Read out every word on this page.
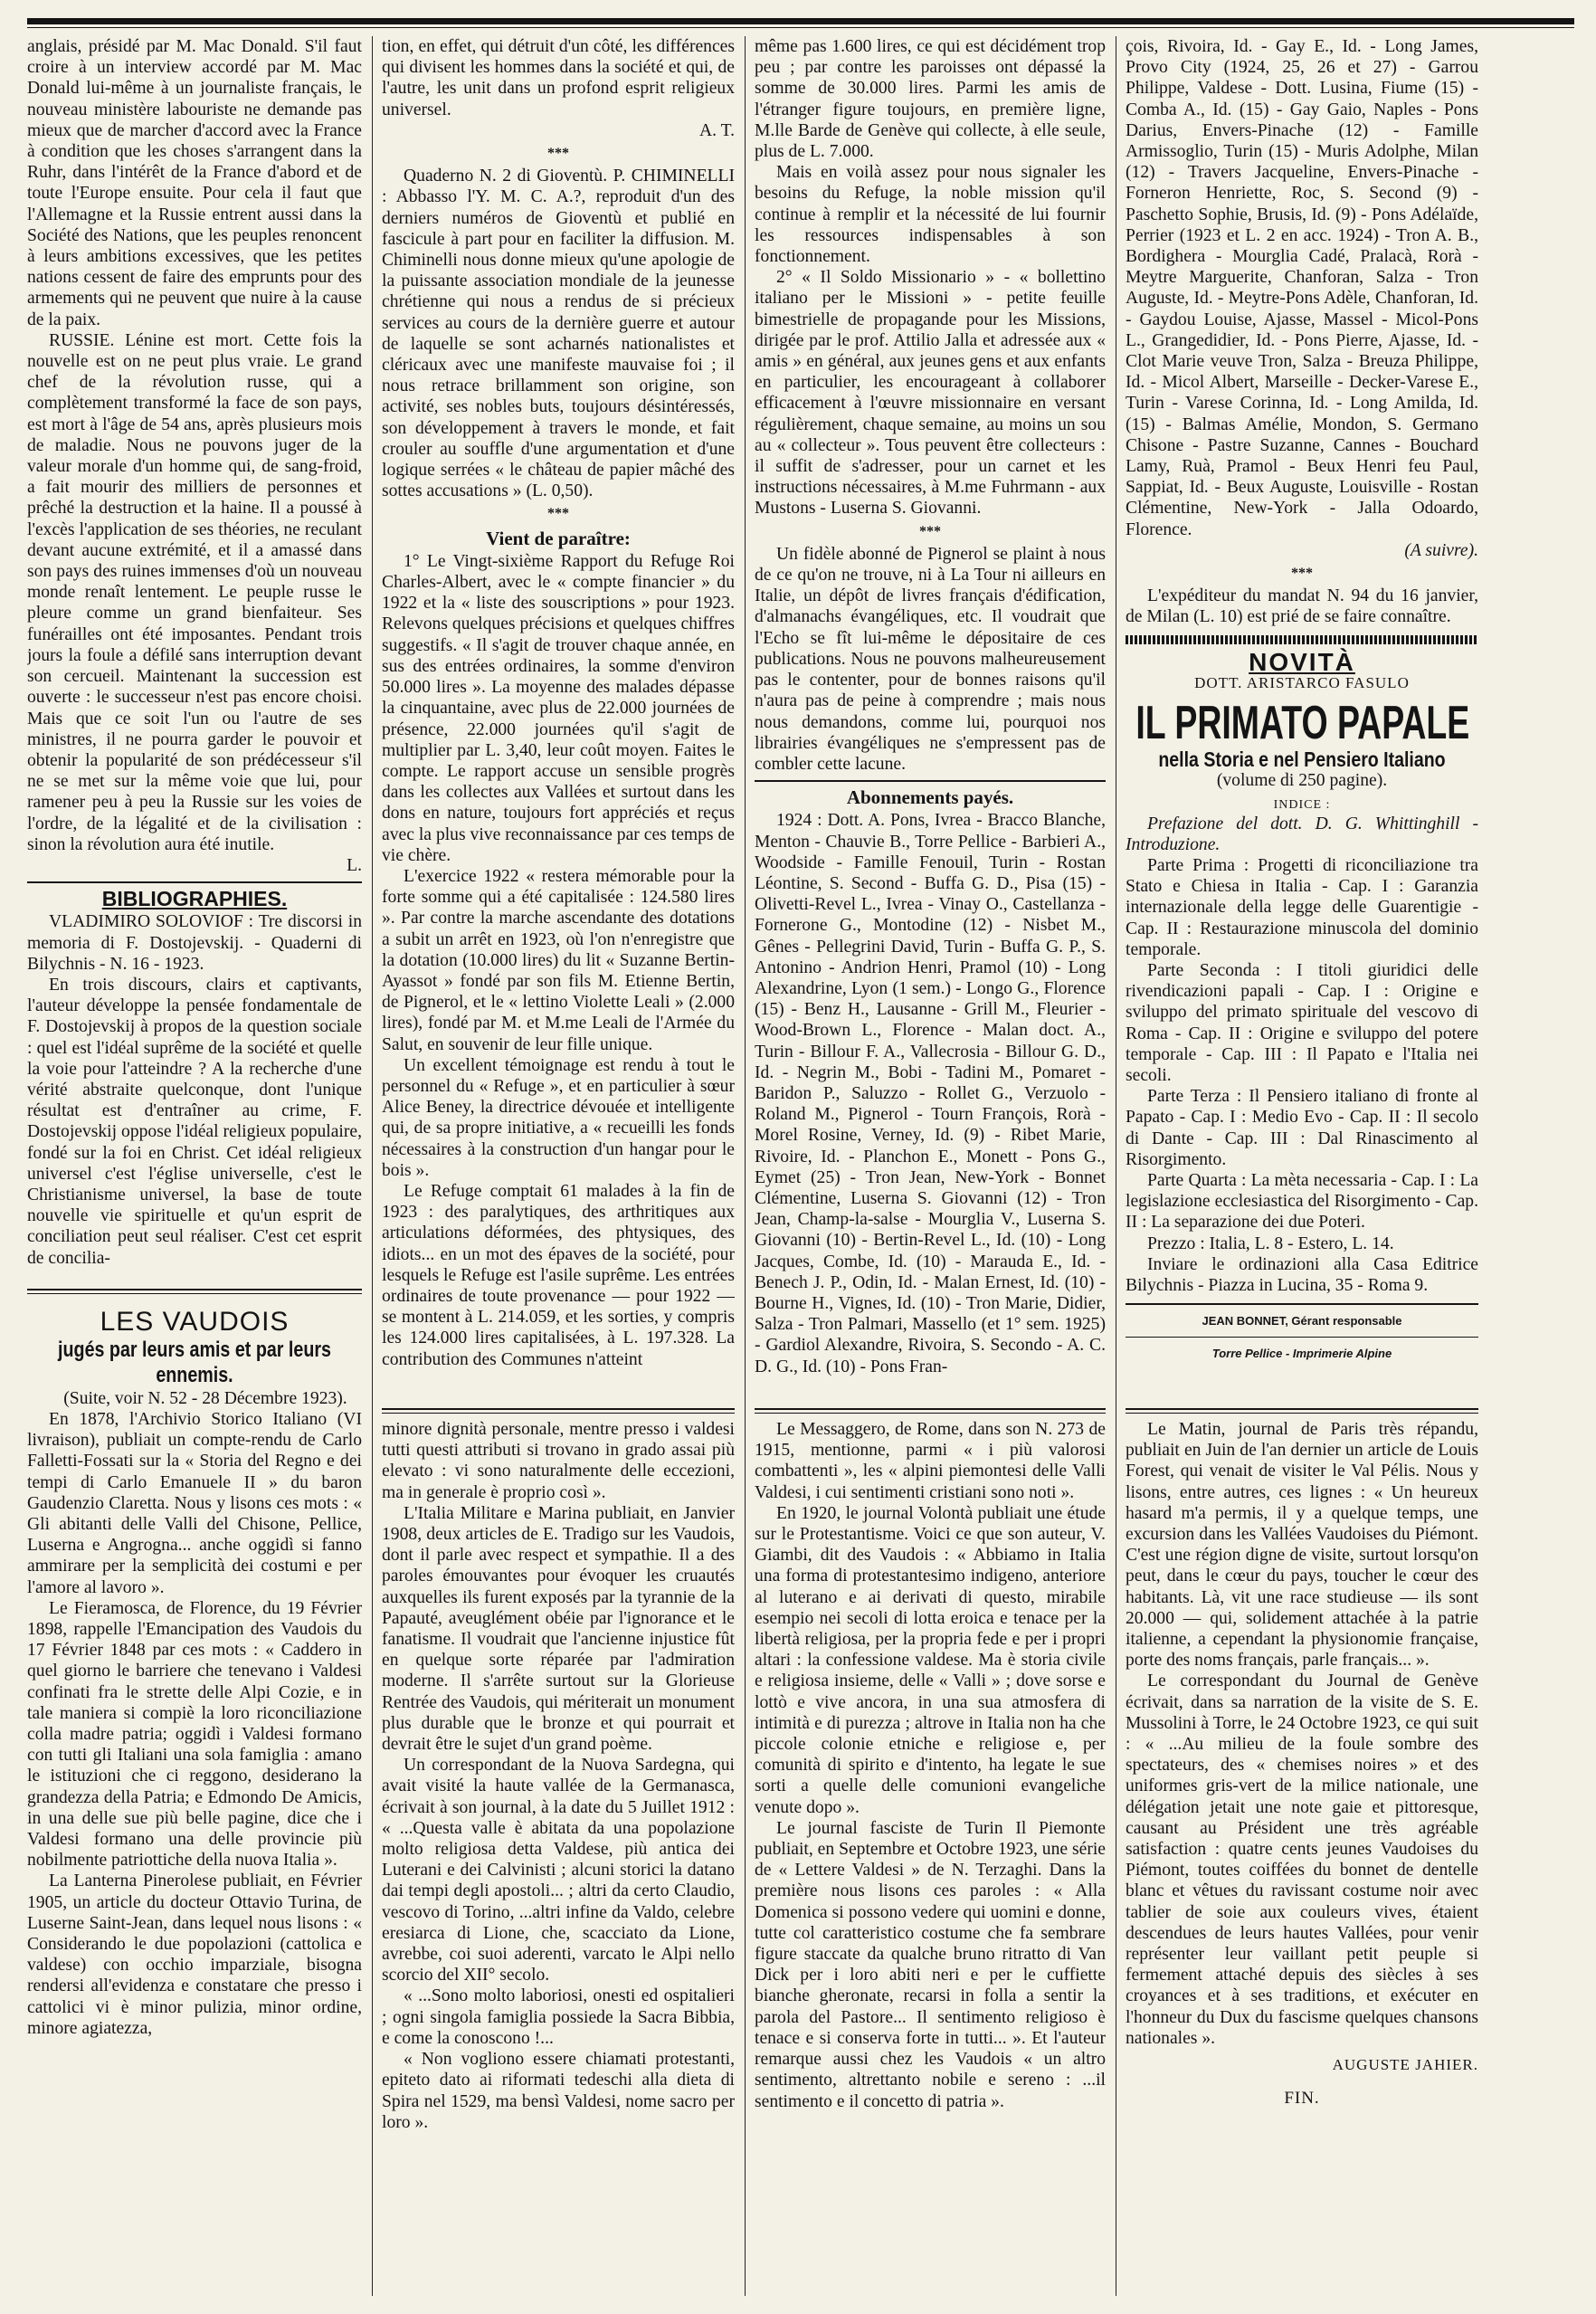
anglais, présidé par M. Mac Donald. S'il faut croire à un interview accordé par M. Mac Donald lui-même à un journaliste français, le nouveau ministère labouriste ne demande pas mieux que de marcher d'accord avec la France à condition que les choses s'arrangent dans la Ruhr, dans l'intérêt de la France d'abord et de toute l'Europe ensuite. Pour cela il faut que l'Allemagne et la Russie entrent aussi dans la Société des Nations, que les peuples renoncent à leurs ambitions excessives, que les petites nations cessent de faire des emprunts pour des armements qui ne peuvent que nuire à la cause de la paix.

RUSSIE. Lénine est mort. Cette fois la nouvelle est on ne peut plus vraie. Le grand chef de la révolution russe, qui a complètement transformé la face de son pays, est mort à l'âge de 54 ans, après plusieurs mois de maladie. Nous ne pouvons juger de la valeur morale d'un homme qui, de sang-froid, a fait mourir des milliers de personnes et prêché la destruction et la haine. Il a poussé à l'excès l'application de ses théories, ne reculant devant aucune extrémité, et il a amassé dans son pays des ruines immenses d'où un nouveau monde renaît lentement. Le peuple russe le pleure comme un grand bienfaiteur. Ses funérailles ont été imposantes. Pendant trois jours la foule a défilé sans interruption devant son cercueil. Maintenant la succession est ouverte : le successeur n'est pas encore choisi. Mais que ce soit l'un ou l'autre de ses ministres, il ne pourra garder le pouvoir et obtenir la popularité de son prédécesseur s'il ne se met sur la même voie que lui, pour ramener peu à peu la Russie sur les voies de l'ordre, de la légalité et de la civilisation : sinon la révolution aura été inutile.

L.
BIBLIOGRAPHIES.

VLADIMIRO SOLOVIOF : Tre discorsi in memoria di F. Dostojevskij. - Quaderni di Bilychnis - N. 16 - 1923.

En trois discours, clairs et captivants, l'auteur développe la pensée fondamentale de F. Dostojevskij à propos de la question sociale : quel est l'idéal suprême de la société et quelle la voie pour l'atteindre ? A la recherche d'une vérité abstraite quelconque, dont l'unique résultat est d'entraîner au crime, F. Dostojevskij oppose l'idéal religieux populaire, fondé sur la foi en Christ. Cet idéal religieux universel c'est l'église universelle, c'est le Christianisme universel, la base de toute nouvelle vie spirituelle et qu'un esprit de conciliation peut seul réaliser. C'est cet esprit de concilia-

LES VAUDOIS
jugés par leurs amis et par leurs ennemis.

(Suite, voir N. 52 - 28 Décembre 1923).

En 1878, l'Archivio Storico Italiano (VI livraison), publiait un compte-rendu de Carlo Falletti-Fossati sur la « Storia del Regno e dei tempi di Carlo Emanuele II » du baron Gaudenzio Claretta. Nous y lisons ces mots : « Gli abitanti delle Valli del Chisone, Pellice, Luserna e Angrogna... anche oggidì si fanno ammirare per la semplicità dei costumi e per l'amore al lavoro ».

Le Fieramosca, de Florence, du 19 Février 1898, rappelle l'Emancipation des Vaudois du 17 Février 1848 par ces mots : « Caddero in quel giorno le barriere che tenevano i Valdesi confinati fra le strette delle Alpi Cozie, e in tale maniera si compiè la loro riconciliazione colla madre patria; oggidì i Valdesi formano con tutti gli Italiani una sola famiglia : amano le istituzioni che ci reggono, desiderano la grandezza della Patria; e Edmondo De Amicis, in una delle sue più belle pagine, dice che i Valdesi formano una delle provincie più nobilmente patriottiche della nuova Italia ».

La Lanterna Pinerolese publiait, en Février 1905, un article du docteur Ottavio Turina, de Luserne Saint-Jean, dans lequel nous lisons : « Considerando le due popolazioni (cattolica e valdese) con occhio imparziale, bisogna rendersi all'evidenza e constatare che presso i cattolici vi è minor pulizia, minor ordine, minore agiatezza,

tion, en effet, qui détruit d'un côté, les différences qui divisent les hommes dans la société et qui, de l'autre, les unit dans un profond esprit religieux universel.

A. T.
***

Quaderno N. 2 di Gioventù. P. CHIMINELLI : Abbasso l'Y. M. C. A.?, reproduit d'un des derniers numéros de Gioventù et publié en fascicule à part pour en faciliter la diffusion. M. Chiminelli nous donne mieux qu'une apologie de la puissante association mondiale de la jeunesse chrétienne qui nous a rendus de si précieux services au cours de la dernière guerre et autour de laquelle se sont acharnés nationalistes et cléricaux avec une manifeste mauvaise foi ; il nous retrace brillamment son origine, son activité, ses nobles buts, toujours désintéressés, son développement à travers le monde, et fait crouler au souffle d'une argumentation et d'une logique serrées « le château de papier mâché des sottes accusations » (L. 0,50).

***
Vient de paraître:

1° Le Vingt-sixième Rapport du Refuge Roi Charles-Albert, avec le « compte financier » du 1922 et la « liste des souscriptions » pour 1923. Relevons quelques précisions et quelques chiffres suggestifs. « Il s'agit de trouver chaque année, en sus des entrées ordinaires, la somme d'environ 50.000 lires ». La moyenne des malades dépasse la cinquantaine, avec plus de 22.000 journées de présence, 22.000 journées qu'il s'agit de multiplier par L. 3,40, leur coût moyen. Faites le compte. Le rapport accuse un sensible progrès dans les collectes aux Vallées et surtout dans les dons en nature, toujours fort appréciés et reçus avec la plus vive reconnaissance par ces temps de vie chère.

L'exercice 1922 « restera mémorable pour la forte somme qui a été capitalisée : 124.580 lires ». Par contre la marche ascendante des dotations a subit un arrêt en 1923, où l'on n'enregistre que la dotation (10.000 lires) du lit « Suzanne Bertin-Ayassot » fondé par son fils M. Etienne Bertin, de Pignerol, et le « lettino Violette Leali » (2.000 lires), fondé par M. et M.me Leali de l'Armée du Salut, en souvenir de leur fille unique.

Un excellent témoignage est rendu à tout le personnel du « Refuge », et en particulier à sœur Alice Beney, la directrice dévouée et intelligente qui, de sa propre initiative, a « recueilli les fonds nécessaires à la construction d'un hangar pour le bois ».

Le Refuge comptait 61 malades à la fin de 1923 : des paralytiques, des arthritiques aux articulations déformées, des phtysiques, des idiots... en un mot des épaves de la société, pour lesquels le Refuge est l'asile suprême. Les entrées ordinaires de toute provenance — pour 1922 — se montent à L. 214.059, et les sorties, y compris les 124.000 lires capitalisées, à L. 197.328. La contribution des Communes n'atteint

minore dignità personale, mentre presso i valdesi tutti questi attributi si trovano in grado assai più elevato : vi sono naturalmente delle eccezioni, ma in generale è proprio così ».

L'Italia Militare e Marina publiait, en Janvier 1908, deux articles de E. Tradigo sur les Vaudois, dont il parle avec respect et sympathie. Il a des paroles émouvantes pour évoquer les cruautés auxquelles ils furent exposés par la tyrannie de la Papauté, aveuglément obéie par l'ignorance et le fanatisme. Il voudrait que l'ancienne injustice fût en quelque sorte réparée par l'admiration moderne. Il s'arrête surtout sur la Glorieuse Rentrée des Vaudois, qui mériterait un monument plus durable que le bronze et qui pourrait et devrait être le sujet d'un grand poème.

Un correspondant de la Nuova Sardegna, qui avait visité la haute vallée de la Germanasca, écrivait à son journal, à la date du 5 Juillet 1912 : « ...Questa valle è abitata da una popolazione molto religiosa detta Valdese, più antica dei Luterani e dei Calvinisti ; alcuni storici la datano dai tempi degli apostoli... ; altri da certo Claudio, vescovo di Torino, ...altri infine da Valdo, celebre eresiarca di Lione, che, scacciato da Lione, avrebbe, coi suoi aderenti, varcato le Alpi nello scorcio del XII° secolo.

« ...Sono molto laboriosi, onesti ed ospitalieri ; ogni singola famiglia possiede la Sacra Bibbia, e come la conoscono !...

« Non vogliono essere chiamati protestanti, epiteto dato ai riformati tedeschi alla dieta di Spira nel 1529, ma bensì Valdesi, nome sacro per loro ».

même pas 1.600 lires, ce qui est décidément trop peu ; par contre les paroisses ont dépassé la somme de 30.000 lires. Parmi les amis de l'étranger figure toujours, en première ligne, M.lle Barde de Genève qui collecte, à elle seule, plus de L. 7.000.

Mais en voilà assez pour nous signaler les besoins du Refuge, la noble mission qu'il continue à remplir et la nécessité de lui fournir les ressources indispensables à son fonctionnement.

2° « Il Soldo Missionario » - « bollettino italiano per le Missioni » - petite feuille bimestrielle de propagande pour les Missions, dirigée par le prof. Attilio Jalla et adressée aux « amis » en général, aux jeunes gens et aux enfants en particulier, les encourageant à collaborer efficacement à l'œuvre missionnaire en versant régulièrement, chaque semaine, au moins un sou au « collecteur ». Tous peuvent être collecteurs : il suffit de s'adresser, pour un carnet et les instructions nécessaires, à M.me Fuhrmann - aux Mustons - Luserna S. Giovanni.

***

Un fidèle abonné de Pignerol se plaint à nous de ce qu'on ne trouve, ni à La Tour ni ailleurs en Italie, un dépôt de livres français d'édification, d'almanachs évangéliques, etc. Il voudrait que l'Echo se fît lui-même le dépositaire de ces publications. Nous ne pouvons malheureusement pas le contenter, pour de bonnes raisons qu'il n'aura pas de peine à comprendre ; mais nous nous demandons, comme lui, pourquoi nos librairies évangéliques ne s'empressent pas de combler cette lacune.

Abonnements payés.

1924 : Dott. A. Pons, Ivrea - Bracco Blanche, Menton - Chauvie B., Torre Pellice - Barbieri A., Woodside - Famille Fenouil, Turin - Rostan Léontine, S. Second - Buffa G. D., Pisa (15) - Olivetti-Revel L., Ivrea - Vinay O., Castellanza - Fornerone G., Montodine (12) - Nisbet M., Gênes - Pellegrini David, Turin - Buffa G. P., S. Antonino - Andrion Henri, Pramol (10) - Long Alexandrine, Lyon (1 sem.) - Longo G., Florence (15) - Benz H., Lausanne - Grill M., Fleurier - Wood-Brown L., Florence - Malan doct. A., Turin - Billour F. A., Vallecrosia - Billour G. D., Id. - Negrin M., Bobi - Tadini M., Pomaret - Baridon P., Saluzzo - Rollet G., Verzuolo - Roland M., Pignerol - Tourn François, Rorà - Morel Rosine, Verney, Id. (9) - Ribet Marie, Rivoire, Id. - Planchon E., Monett - Pons G., Eymet (25) - Tron Jean, New-York - Bonnet Clémentine, Luserna S. Giovanni (12) - Tron Jean, Champ-la-salse - Mourglia V., Luserna S. Giovanni (10) - Bertin-Revel L., Id. (10) - Long Jacques, Combe, Id. (10) - Marauda E., Id. - Benech J. P., Odin, Id. - Malan Ernest, Id. (10) - Bourne H., Vignes, Id. (10) - Tron Marie, Didier, Salza - Tron Palmari, Massello (et 1° sem. 1925) - Gardiol Alexandre, Rivoira, S. Secondo - A. C. D. G., Id. (10) - Pons Fran-

Le Messaggero, de Rome, dans son N. 273 de 1915, mentionne, parmi « i più valorosi combattenti », les « alpini piemontesi delle Valli Valdesi, i cui sentimenti cristiani sono noti ».

En 1920, le journal Volontà publiait une étude sur le Protestantisme. Voici ce que son auteur, V. Giambi, dit des Vaudois : « Abbiamo in Italia una forma di protestantesimo indigeno, anteriore al luterano e ai derivati di questo, mirabile esempio nei secoli di lotta eroica e tenace per la libertà religiosa, per la propria fede e per i propri altari : la confessione valdese. Ma è storia civile e religiosa insieme, delle « Valli » ; dove sorse e lottò e vive ancora, in una sua atmosfera di intimità e di purezza ; altrove in Italia non ha che piccole colonie etniche e religiose e, per comunità di spirito e d'intento, ha legate le sue sorti a quelle delle comunioni evangeliche venute dopo ».

Le journal fasciste de Turin Il Piemonte publiait, en Septembre et Octobre 1923, une série de « Lettere Valdesi » de N. Terzaghi. Dans la première nous lisons ces paroles : « Alla Domenica si possono vedere qui uomini e donne, tutte col caratteristico costume che fa sembrare figure staccate da qualche bruno ritratto di Van Dick per i loro abiti neri e per le cuffiette bianche gheronate, recarsi in folla a sentir la parola del Pastore... Il sentimento religioso è tenace e si conserva forte in tutti... ». Et l'auteur remarque aussi chez les Vaudois « un altro sentimento, altrettanto nobile e sereno : ...il sentimento e il concetto di patria ».

çois, Rivoira, Id. - Gay E., Id. - Long James, Provo City (1924, 25, 26 et 27) - Garrou Philippe, Valdese - Dott. Lusina, Fiume (15) - Comba A., Id. (15) - Gay Gaio, Naples - Pons Darius, Envers-Pinache (12) - Famille Armissoglio, Turin (15) - Muris Adolphe, Milan (12) - Travers Jacqueline, Envers-Pinache - Forneron Henriette, Roc, S. Second (9) - Paschetto Sophie, Brusis, Id. (9) - Pons Adélaïde, Perrier (1923 et L. 2 en acc. 1924) - Tron A. B., Bordighera - Mourglia Cadé, Pralacà, Rorà - Meytre Marguerite, Chanforan, Salza - Tron Auguste, Id. - Meytre-Pons Adèle, Chanforan, Id. - Gaydou Louise, Ajasse, Massel - Micol-Pons L., Grangedidier, Id. - Pons Pierre, Ajasse, Id. - Clot Marie veuve Tron, Salza - Breuza Philippe, Id. - Micol Albert, Marseille - Decker-Varese E., Turin - Varese Corinna, Id. - Long Amilda, Id. (15) - Balmas Amélie, Mondon, S. Germano Chisone - Pastre Suzanne, Cannes - Bouchard Lamy, Ruà, Pramol - Beux Henri feu Paul, Sappiat, Id. - Beux Auguste, Louisville - Rostan Clémentine, New-York - Jalla Odoardo, Florence.

(A suivre).
***

L'expéditeur du mandat N. 94 du 16 janvier, de Milan (L. 10) est prié de se faire connaître.

NOVITÀ
DOTT. ARISTARCO FASULO
IL PRIMATO PAPALE
nella Storia e nel Pensiero Italiano
(volume di 250 pagine).
INDICE :

Prefazione del dott. D. G. Whittinghill - Introduzione.

Parte Prima : Progetti di riconciliazione tra Stato e Chiesa in Italia - Cap. I : Garanzia internazionale della legge delle Guarentigie - Cap. II : Restaurazione minuscola del dominio temporale.

Parte Seconda : I titoli giuridici delle rivendicazioni papali - Cap. I : Origine e sviluppo del primato spirituale del vescovo di Roma - Cap. II : Origine e sviluppo del potere temporale - Cap. III : Il Papato e l'Italia nei secoli.

Parte Terza : Il Pensiero italiano di fronte al Papato - Cap. I : Medio Evo - Cap. II : Il secolo di Dante - Cap. III : Dal Rinascimento al Risorgimento.

Parte Quarta : La mèta necessaria - Cap. I : La legislazione ecclesiastica del Risorgimento - Cap. II : La separazione dei due Poteri.

Prezzo : Italia, L. 8 - Estero, L. 14.

Inviare le ordinazioni alla Casa Editrice Bilychnis - Piazza in Lucina, 35 - Roma 9.

JEAN BONNET, Gérant responsable
Torre Pellice - Imprimerie Alpine

Le Matin, journal de Paris très répandu, publiait en Juin de l'an dernier un article de Louis Forest, qui venait de visiter le Val Pélis. Nous y lisons, entre autres, ces lignes : « Un heureux hasard m'a permis, il y a quelque temps, une excursion dans les Vallées Vaudoises du Piémont. C'est une région digne de visite, surtout lorsqu'on peut, dans le cœur du pays, toucher le cœur des habitants. Là, vit une race studieuse — ils sont 20.000 — qui, solidement attachée à la patrie italienne, a cependant la physionomie française, porte des noms français, parle français... ».

Le correspondant du Journal de Genève écrivait, dans sa narration de la visite de S. E. Mussolini à Torre, le 24 Octobre 1923, ce qui suit : « ...Au milieu de la foule sombre des spectateurs, des « chemises noires » et des uniformes gris-vert de la milice nationale, une délégation jetait une note gaie et pittoresque, causant au Président une très agréable satisfaction : quatre cents jeunes Vaudoises du Piémont, toutes coiffées du bonnet de dentelle blanc et vêtues du ravissant costume noir avec tablier de soie aux couleurs vives, étaient descendues de leurs hautes Vallées, pour venir représenter leur vaillant petit peuple si fermement attaché depuis des siècles à ses croyances et à ses traditions, et exécuter en l'honneur du Dux du fascisme quelques chansons nationales ».

AUGUSTE JAHIER.
FIN.
